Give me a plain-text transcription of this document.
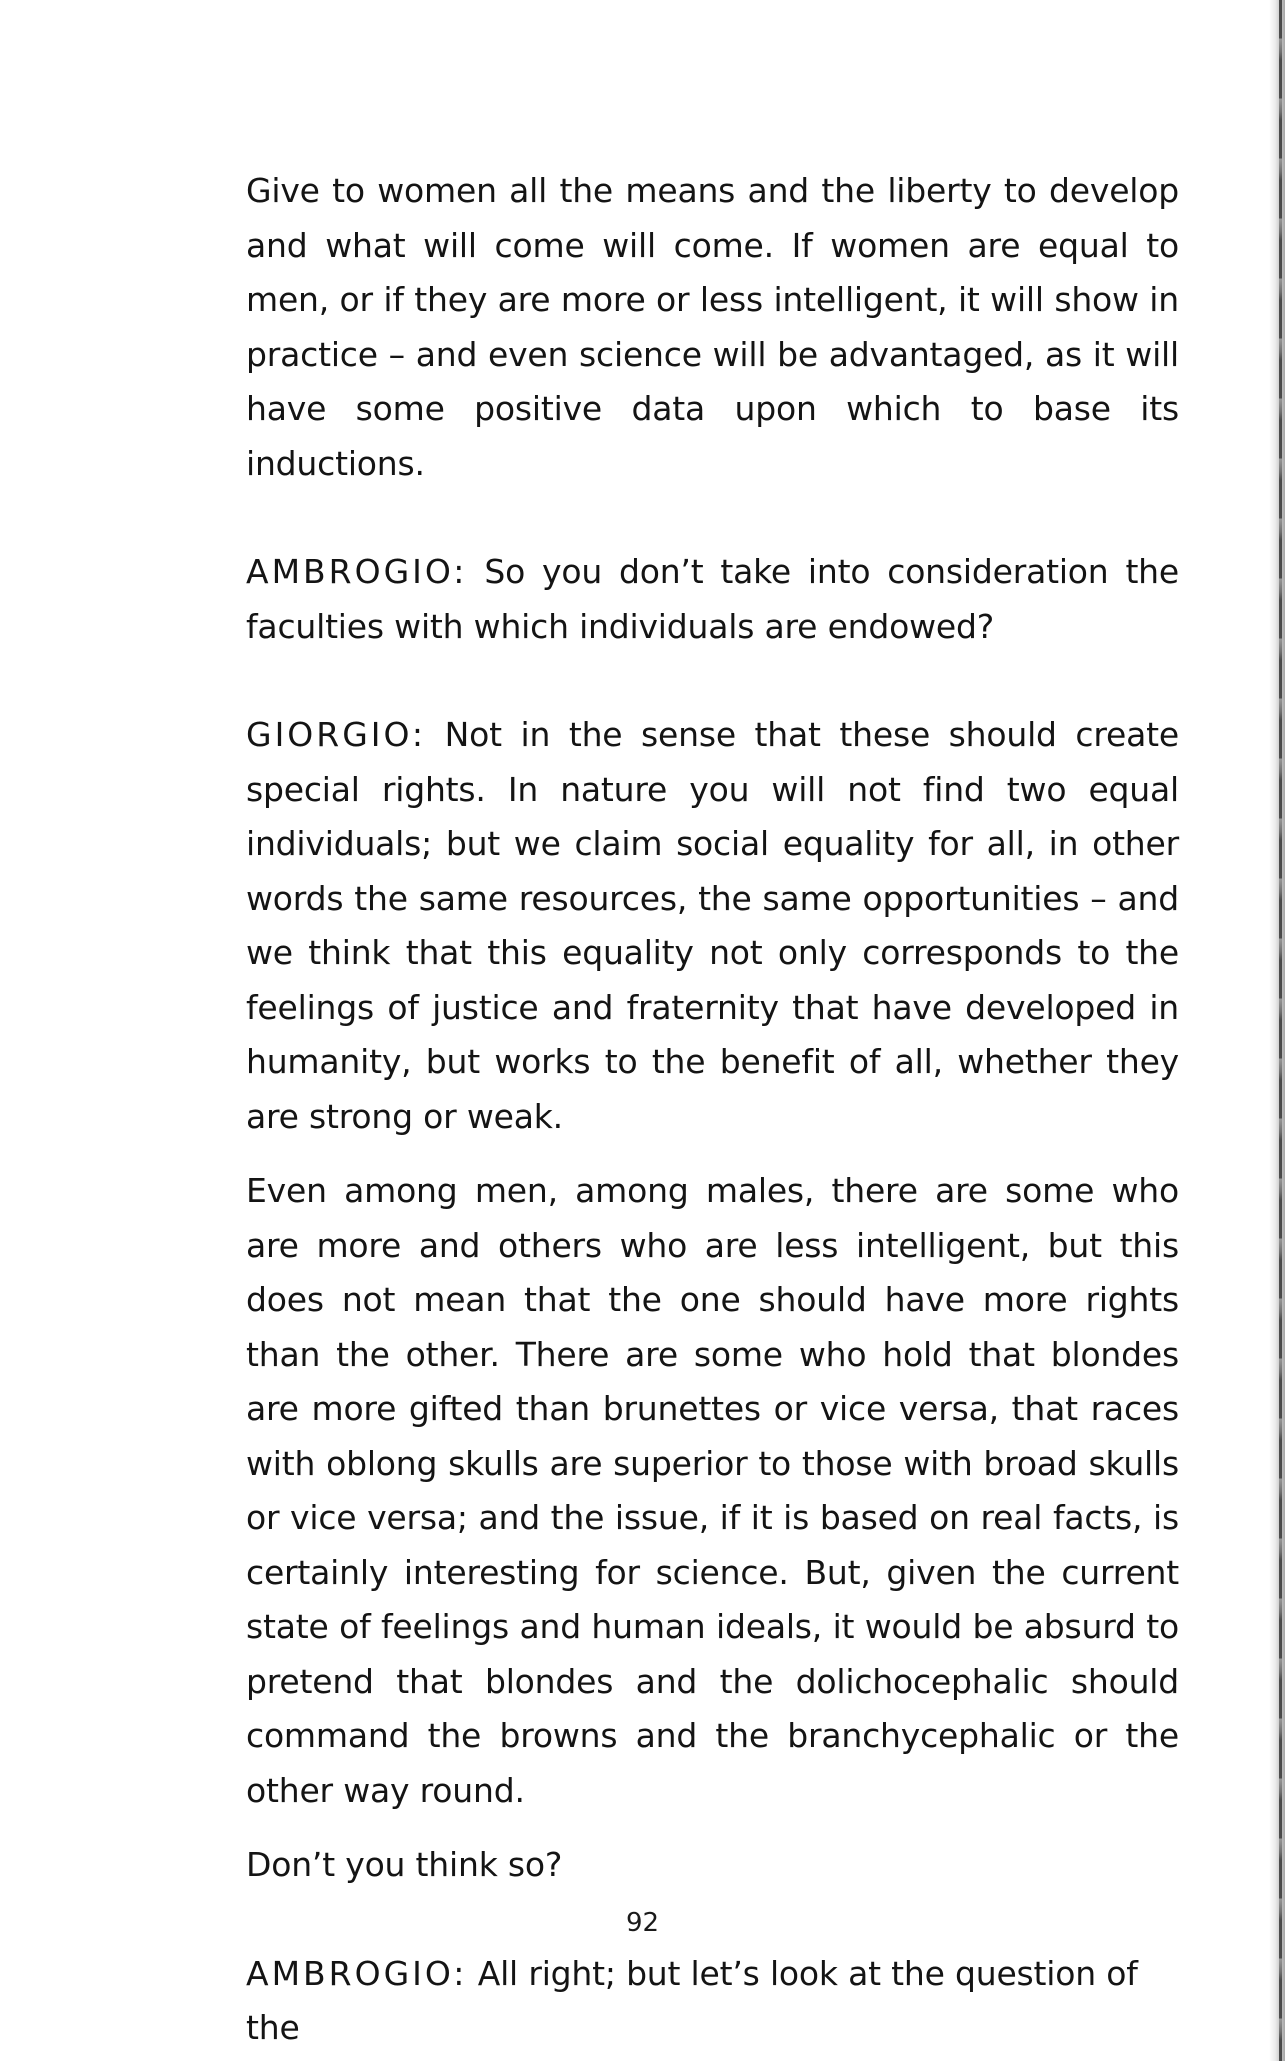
Give to women all the means and the liberty to develop and what will come will come. If women are equal to men, or if they are more or less intelligent, it will show in practice – and even science will be advantaged, as it will have some positive data upon which to base its inductions.

AMBROGIO: So you don’t take into consideration the faculties with which individuals are endowed?

GIORGIO: Not in the sense that these should create special rights. In nature you will not find two equal individuals; but we claim social equality for all, in other words the same resources, the same opportunities – and we think that this equality not only corresponds to the feelings of justice and fraternity that have developed in humanity, but works to the benefit of all, whether they are strong or weak.

Even among men, among males, there are some who are more and others who are less intelligent, but this does not mean that the one should have more rights than the other. There are some who hold that blondes are more gifted than brunettes or vice versa, that races with oblong skulls are superior to those with broad skulls or vice versa; and the issue, if it is based on real facts, is certainly interesting for science. But, given the current state of feelings and human ideals, it would be absurd to pretend that blondes and the dolichocephalic should command the browns and the branchycephalic or the other way round.

Don’t you think so?

AMBROGIO: All right; but let’s look at the question of the

92
